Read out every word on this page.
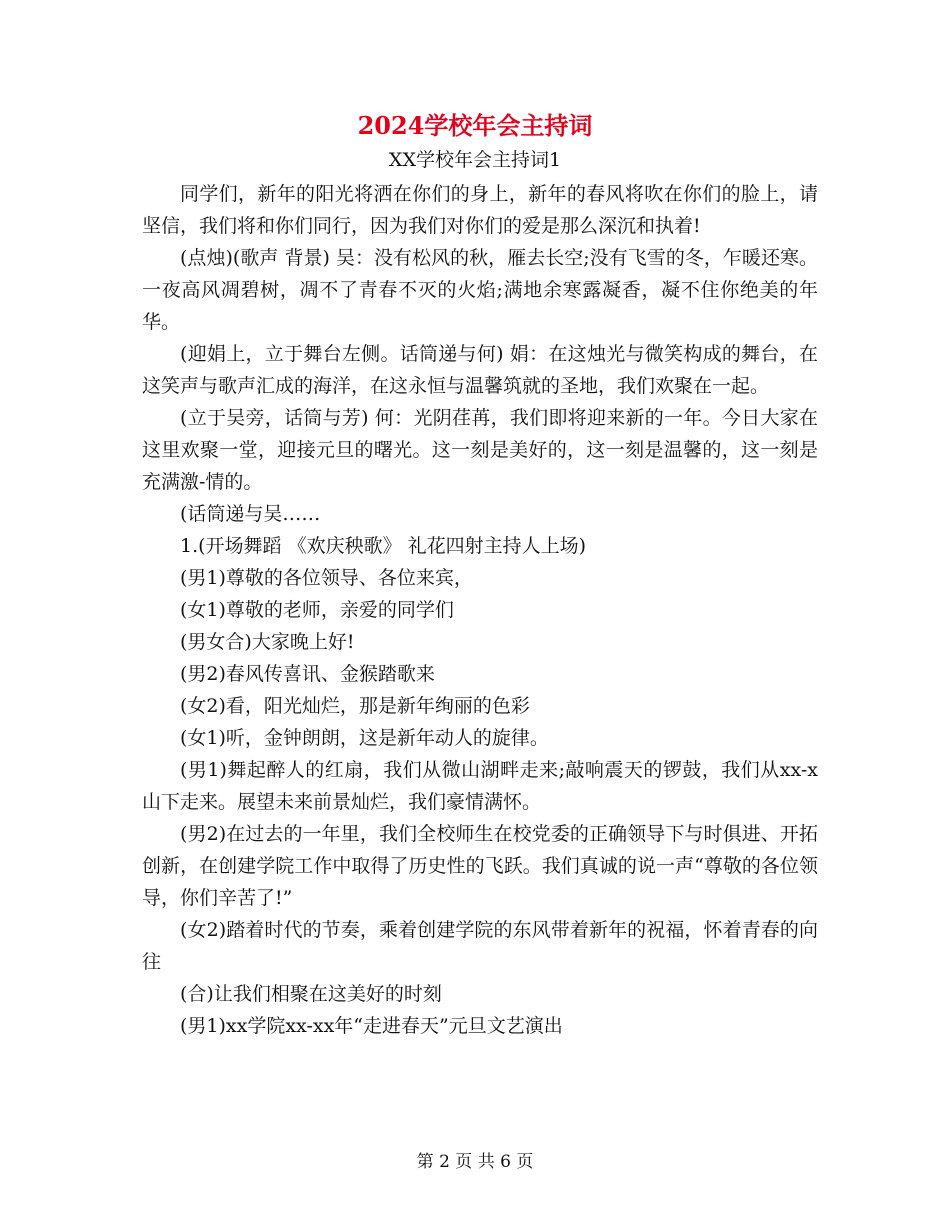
2024学校年会主持词
XX学校年会主持词1

同学们，新年的阳光将洒在你们的身上，新年的春风将吹在你们的脸上，请坚信，我们将和你们同行，因为我们对你们的爱是那么深沉和执着!

(点烛)(歌声 背景) 吴：没有松风的秋，雁去长空;没有飞雪的冬，乍暖还寒。一夜高风凋碧树，凋不了青春不灭的火焰;满地余寒露凝香，凝不住你绝美的年华。

(迎娟上，立于舞台左侧。话筒递与何) 娟：在这烛光与微笑构成的舞台，在这笑声与歌声汇成的海洋，在这永恒与温馨筑就的圣地，我们欢聚在一起。

(立于吴旁，话筒与芳) 何：光阴荏苒，我们即将迎来新的一年。今日大家在这里欢聚一堂，迎接元旦的曙光。这一刻是美好的，这一刻是温馨的，这一刻是充满激-情的。

(话筒递与吴……

1.(开场舞蹈 《欢庆秧歌》 礼花四射主持人上场)

(男1)尊敬的各位领导、各位来宾，

(女1)尊敬的老师，亲爱的同学们

(男女合)大家晚上好!

(男2)春风传喜讯、金猴踏歌来

(女2)看，阳光灿烂，那是新年绚丽的色彩

(女1)听，金钟朗朗，这是新年动人的旋律。

(男1)舞起醉人的红扇，我们从微山湖畔走来;敲响震天的锣鼓，我们从xx-x山下走来。展望未来前景灿烂，我们豪情满怀。

(男2)在过去的一年里，我们全校师生在校党委的正确领导下与时俱进、开拓创新，在创建学院工作中取得了历史性的飞跃。我们真诚的说一声“尊敬的各位领导，你们辛苦了!”

(女2)踏着时代的节奏，乘着创建学院的东风带着新年的祝福，怀着青春的向往

(合)让我们相聚在这美好的时刻

(男1)xx学院xx-xx年“走进春天”元旦文艺演出

第 2 页 共 6 页
